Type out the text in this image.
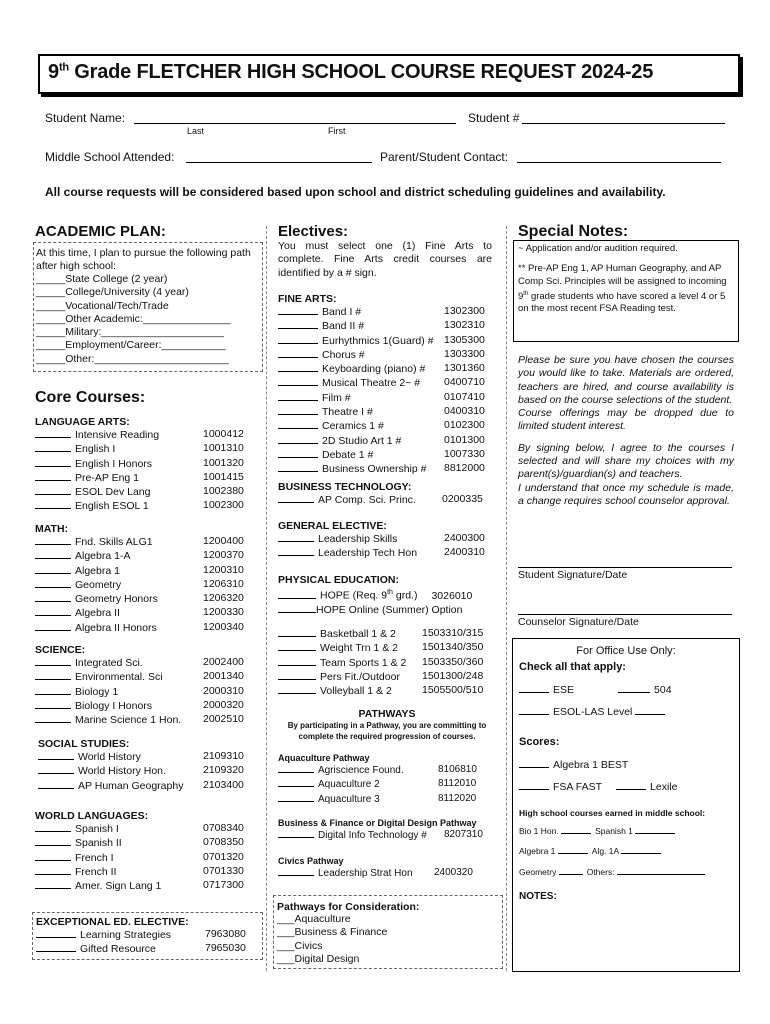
9th Grade FLETCHER HIGH SCHOOL COURSE REQUEST 2024-25
Student Name:
Last	First
Student #
Middle School Attended:	Parent/Student Contact:
All course requests will be considered based upon school and district scheduling guidelines and availability.
ACADEMIC PLAN:
At this time, I plan to pursue the following path after high school:
_____State College (2 year)
_____College/University (4 year)
_____Vocational/Tech/Trade
_____Other Academic:_______________
_____Military:_____________________
_____Employment/Career:___________
_____Other:_______________________
Core Courses:
LANGUAGE ARTS:
Intensive Reading	1000412
English I	1001310
English I Honors	1001320
Pre-AP Eng 1	1001415
ESOL Dev Lang	1002380
English ESOL 1	1002300
MATH:
Fnd. Skills ALG1	1200400
Algebra 1-A	1200370
Algebra 1	1200310
Geometry	1206310
Geometry Honors	1206320
Algebra II	1200330
Algebra II Honors	1200340
SCIENCE:
Integrated Sci.	2002400
Environmental. Sci	2001340
Biology 1	2000310
Biology I Honors	2000320
Marine Science 1 Hon. 2002510
SOCIAL STUDIES:
World History	2109310
World History Hon.	2109320
AP Human Geography 2103400
WORLD LANGUAGES:
Spanish I	0708340
Spanish II	0708350
French I	0701320
French II	0701330
Amer. Sign Lang 1	0717300
EXCEPTIONAL ED. ELECTIVE:
Learning Strategies	7963080
Gifted Resource	7965030
Electives:
You must select one (1) Fine Arts to complete. Fine Arts credit courses are identified by a # sign.
FINE ARTS:
Band I #	1302300
Band II #	1302310
Eurhythmics 1(Guard) # 1305300
Chorus #	1303300
Keyboarding (piano) # 1301360
Musical Theatre 2~ # 0400710
Film #	0107410
Theatre I #	0400310
Ceramics 1 #	0102300
2D Studio Art 1 #	0101300
Debate 1 #	1007330
Business Ownership # 8812000
BUSINESS TECHNOLOGY:
AP Comp. Sci. Princ. 0200335
GENERAL ELECTIVE:
Leadership Skills	2400300
Leadership Tech Hon	2400310
PHYSICAL EDUCATION:
HOPE (Req. 9th grd.) 3026010
HOPE Online (Summer) Option
Basketball 1 & 2 1503310/315
Weight Trn 1 & 2 1501340/350
Team Sports 1 & 2 1503350/360
Pers Fit./Outdoor 1501300/248
Volleyball 1 & 2	1505500/510
PATHWAYS
By participating in a Pathway, you are committing to complete the required progression of courses.
Aquaculture Pathway
Agriscience Found.	8106810
Aquaculture 2	8112010
Aquaculture 3	8112020
Business & Finance or Digital Design Pathway
Digital Info Technology # 8207310
Civics Pathway
Leadership Strat Hon 2400320
Pathways for Consideration:
___Aquaculture
___Business & Finance
___Civics
___Digital Design
Special Notes:
~ Application and/or audition required.
** Pre-AP Eng 1, AP Human Geography, and AP Comp Sci. Principles will be assigned to incoming 9th grade students who have scored a level 4 or 5 on the most recent FSA Reading test.
Please be sure you have chosen the courses you would like to take. Materials are ordered, teachers are hired, and course availability is based on the course selections of the student.
Course offerings may be dropped due to limited student interest.
By signing below, I agree to the courses I selected and will share my choices with my parent(s)/guardian(s) and teachers.
I understand that once my schedule is made, a change requires school counselor approval.
Student Signature/Date
Counselor Signature/Date
For Office Use Only:
Check all that apply:
ESE	504
ESOL-LAS Level
Scores:
Algebra 1 BEST
FSA FAST	Lexile
High school courses earned in middle school:
Bio 1 Hon.	Spanish 1
Algebra 1	Alg. 1A
Geometry	Others:
NOTES:
